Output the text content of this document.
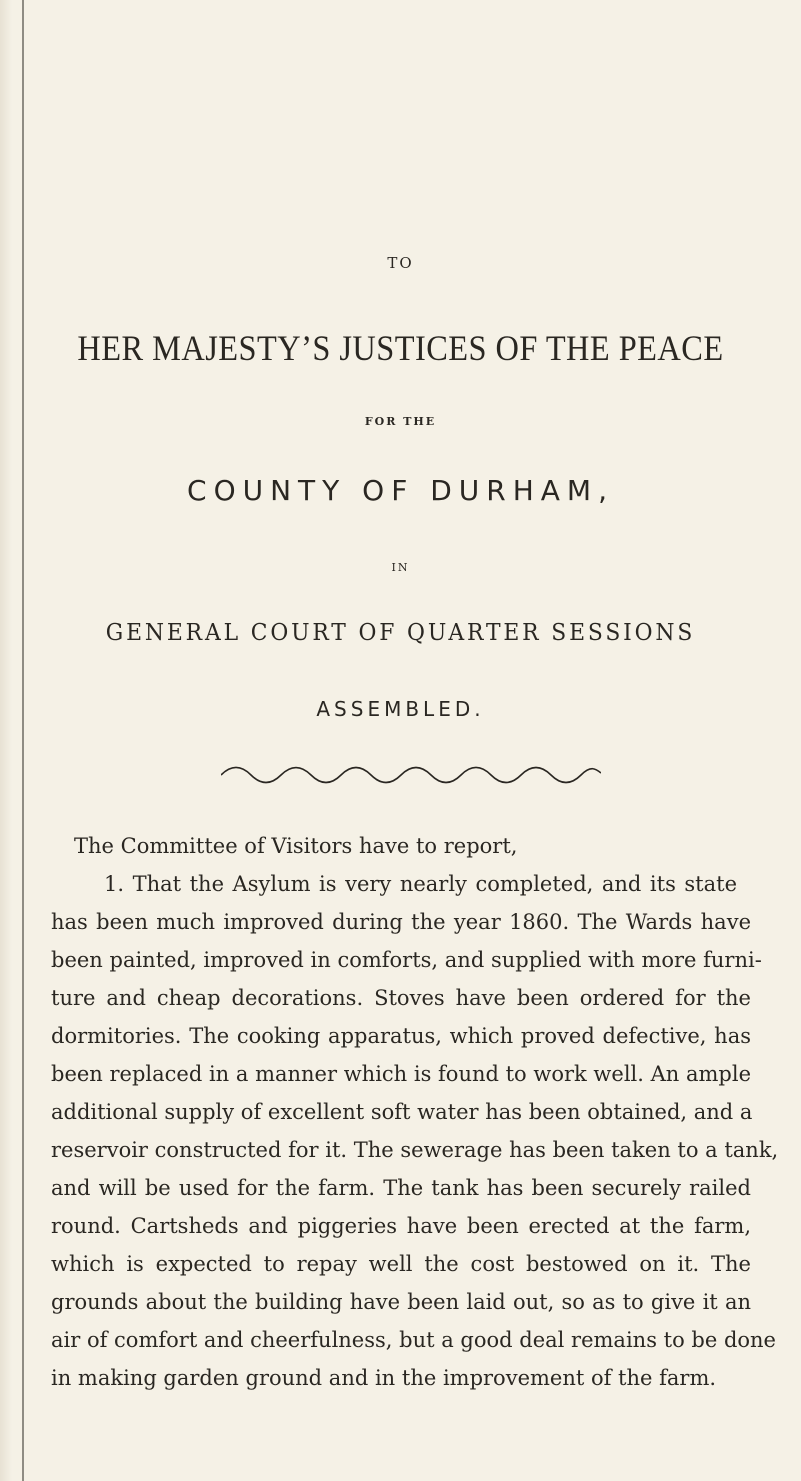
TO
HER MAJESTY’S JUSTICES OF THE PEACE
FOR THE
COUNTY OF DURHAM,
IN
GENERAL COURT OF QUARTER SESSIONS
ASSEMBLED.
The Committee of Visitors have to report,
1. That the Asylum is very nearly completed, and its state
has been much improved during the year 1860. The Wards have
been painted, improved in comforts, and supplied with more furni-
ture and cheap decorations. Stoves have been ordered for the
dormitories. The cooking apparatus, which proved defective, has
been replaced in a manner which is found to work well. An ample
additional supply of excellent soft water has been obtained, and a
reservoir constructed for it. The sewerage has been taken to a tank,
and will be used for the farm. The tank has been securely railed
round. Cartsheds and piggeries have been erected at the farm,
which is expected to repay well the cost bestowed on it. The
grounds about the building have been laid out, so as to give it an
air of comfort and cheerfulness, but a good deal remains to be done
in making garden ground and in the improvement of the farm.
